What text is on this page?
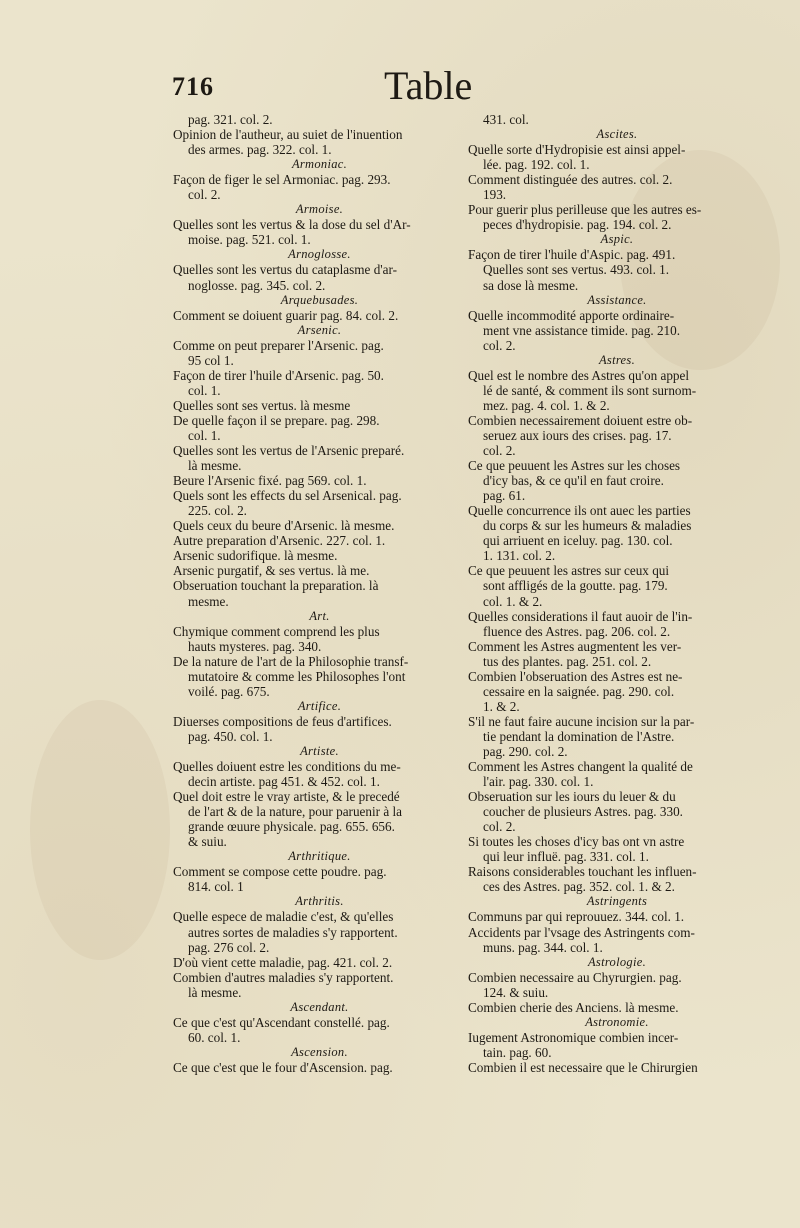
716	Table
pag. 321. col. 2.
Opinion de l'autheur, au suiet de l'inuention
des armes. pag. 322. col. 1.
Armoniac.
Façon de figer le sel Armoniac. pag. 293.
col. 2.
Armoise.
Quelles sont les vertus & la dose du sel d'Ar-
moise. pag. 521. col. 1.
Arnoglosse.
Quelles sont les vertus du cataplasme d'ar-
noglosse. pag. 345. col. 2.
Arquebusades.
Comment se doiuent guarir pag. 84. col. 2.
Arsenic.
Comme on peut preparer l'Arsenic. pag.
95 col 1.
Façon de tirer l'huile d'Arsenic. pag. 50.
col. 1.
Quelles sont ses vertus. là mesme
De quelle façon il se prepare. pag. 298.
col. 1.
Quelles sont les vertus de l'Arsenic preparé.
là mesme.
Beure l'Arsenic fixé. pag 569. col. 1.
Quels sont les effects du sel Arsenical. pag.
225. col. 2.
Quels ceux du beure d'Arsenic. là mesme.
Autre preparation d'Arsenic. 227. col. 1.
Arsenic sudorifique. là mesme.
Arsenic purgatif, & ses vertus. là me.
Obseruation touchant la preparation. là
mesme.
Art.
Chymique comment comprend les plus
hauts mysteres. pag. 340.
De la nature de l'art de la Philosophie transf-
mutatoire & comme les Philosophes l'ont
voilé. pag. 675.
Artifice.
Diuerses compositions de feus d'artifices.
pag. 450. col. 1.
Artiste.
Quelles doiuent estre les conditions du me-
decin artiste. pag 451. & 452. col. 1.
Quel doit estre le vray artiste, & le precedé
de l'art & de la nature, pour paruenir à la
grande œuure physicale. pag. 655. 656.
& suiu.
Arthritique.
Comment se compose cette poudre. pag.
814. col. 1
Arthritis.
Quelle espece de maladie c'est, & qu'elles
autres sortes de maladies s'y rapportent.
pag. 276 col. 2.
D'où vient cette maladie, pag. 421. col. 2.
Combien d'autres maladies s'y rapportent.
là mesme.
Ascendant.
Ce que c'est qu'Ascendant constellé. pag.
60. col. 1.
Ascension.
Ce que c'est que le four d'Ascension. pag.
431. col.
Ascites.
Quelle sorte d'Hydropisie est ainsi appel-
lée. pag. 192. col. 1.
Comment distinguée des autres. col. 2.
193.
Pour guerir plus perilleuse que les autres es-
peces d'hydropisie. pag. 194. col. 2.
Aspic.
Façon de tirer l'huile d'Aspic. pag. 491.
Quelles sont ses vertus. 493. col. 1.
sa dose là mesme.
Assistance.
Quelle incommodité apporte ordinaire-
ment vne assistance timide. pag. 210.
col. 2.
Astres.
Quel est le nombre des Astres qu'on appel
lé de santé, & comment ils sont surnom-
mez. pag. 4. col. 1. & 2.
Combien necessairement doiuent estre ob-
seruez aux iours des crises. pag. 17.
col. 2.
Ce que peuuent les Astres sur les choses
d'icy bas, & ce qu'il en faut croire.
pag. 61.
Quelle concurrence ils ont auec les parties
du corps & sur les humeurs & maladies
qui arriuent en iceluy. pag. 130. col.
1. 131. col. 2.
Ce que peuuent les astres sur ceux qui
sont affligés de la goutte. pag. 179.
col. 1. & 2.
Quelles considerations il faut auoir de l'in-
fluence des Astres. pag. 206. col. 2.
Comment les Astres augmentent les ver-
tus des plantes. pag. 251. col. 2.
Combien l'obseruation des Astres est ne-
cessaire en la saignée. pag. 290. col.
1. & 2.
S'il ne faut faire aucune incision sur la par-
tie pendant la domination de l'Astre.
pag. 290. col. 2.
Comment les Astres changent la qualité de
l'air. pag. 330. col. 1.
Obseruation sur les iours du leuer & du
coucher de plusieurs Astres. pag. 330.
col. 2.
Si toutes les choses d'icy bas ont vn astre
qui leur influë. pag. 331. col. 1.
Raisons considerables touchant les influen-
ces des Astres. pag. 352. col. 1. & 2.
Astringents
Communs par qui reprouuez. 344. col. 1.
Accidents par l'vsage des Astringents com-
muns. pag. 344. col. 1.
Astrologie.
Combien necessaire au Chyrurgien. pag.
124. & suiu.
Combien cherie des Anciens. là mesme.
Astronomie.
Iugement Astronomique combien incer-
tain. pag. 60.
Combien il est necessaire que le Chirurgien
